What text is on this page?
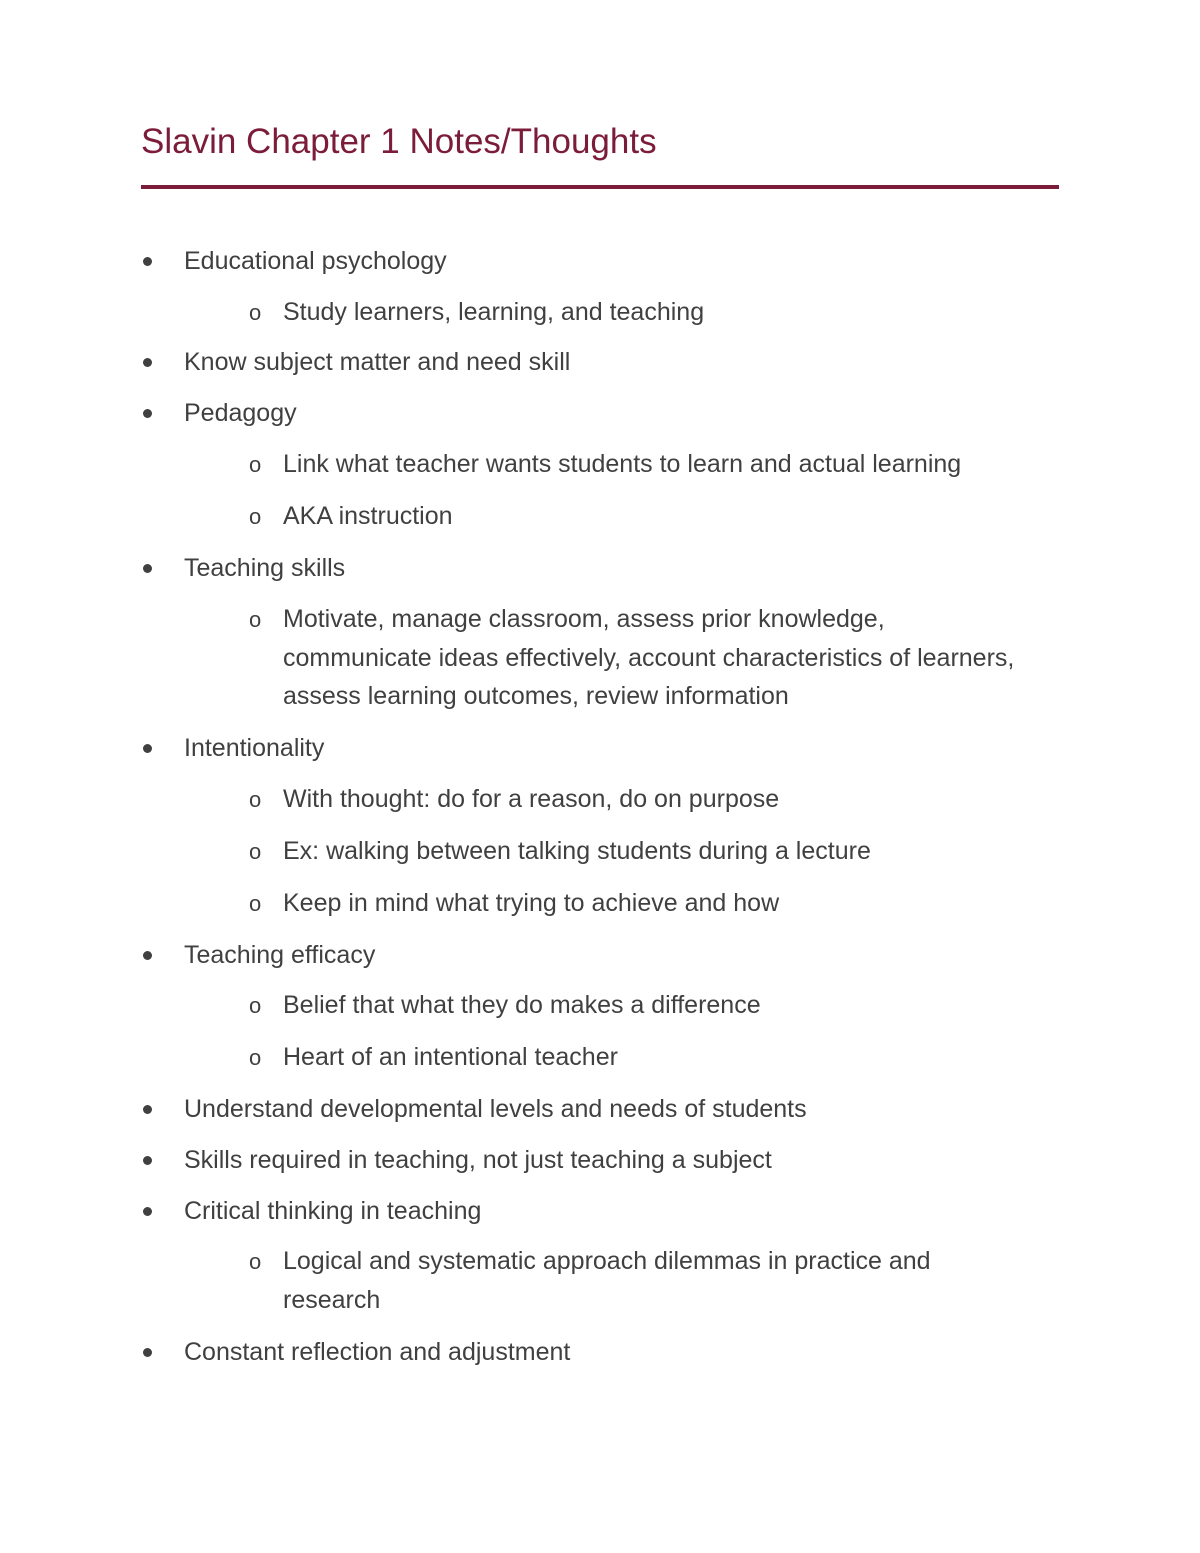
Slavin Chapter 1 Notes/Thoughts
Educational psychology
o Study learners, learning, and teaching
Know subject matter and need skill
Pedagogy
o Link what teacher wants students to learn and actual learning
o AKA instruction
Teaching skills
o Motivate, manage classroom, assess prior knowledge, communicate ideas effectively, account characteristics of learners, assess learning outcomes, review information
Intentionality
o With thought: do for a reason, do on purpose
o Ex: walking between talking students during a lecture
o Keep in mind what trying to achieve and how
Teaching efficacy
o Belief that what they do makes a difference
o Heart of an intentional teacher
Understand developmental levels and needs of students
Skills required in teaching, not just teaching a subject
Critical thinking in teaching
o Logical and systematic approach dilemmas in practice and research
Constant reflection and adjustment
